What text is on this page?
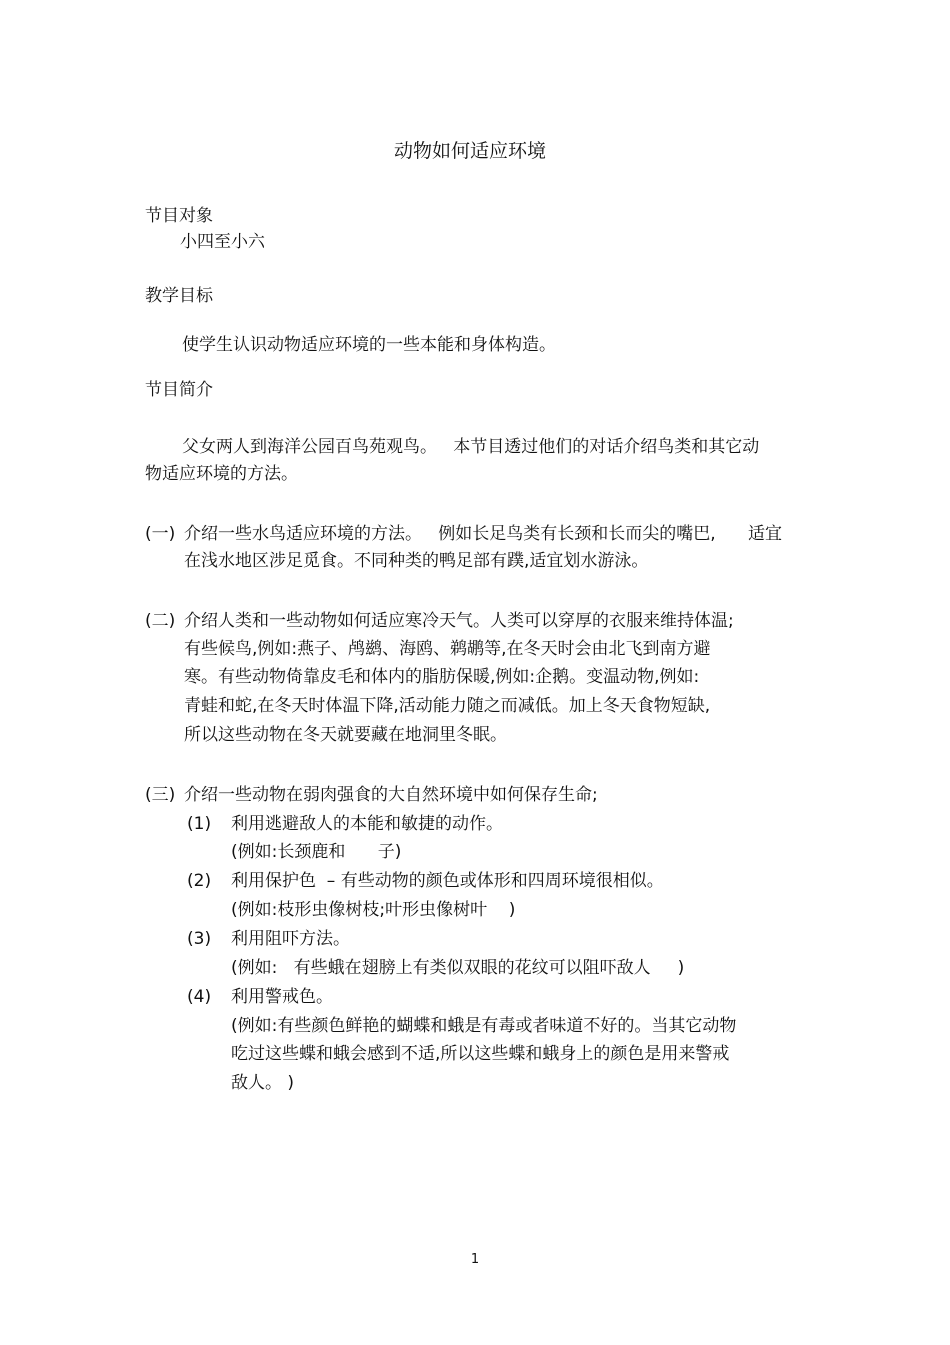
动物如何适应环境

节目对象

小四至小六

教学目标

使学生认识动物适应环境的一些本能和身体构造。

节目简介

父女两人到海洋公园百鸟苑观鸟。   本节目透过他们的对话介绍鸟类和其它动

物适应环境的方法。

(一) 介绍一些水鸟适应环境的方法。   例如长足鸟类有长颈和长而尖的嘴巴,      适宜

在浅水地区涉足觅食。不同种类的鸭足部有蹼,适宜划水游泳。

(二) 介绍人类和一些动物如何适应寒冷天气。人类可以穿厚的衣服来维持体温;

有些候鸟,例如:燕子、鸬鹚、海鸥、鹈鹕等,在冬天时会由北飞到南方避

寒。有些动物倚靠皮毛和体内的脂肪保暖,例如:企鹅。变温动物,例如:

青蛙和蛇,在冬天时体温下降,活动能力随之而减低。加上冬天食物短缺,

所以这些动物在冬天就要藏在地洞里冬眠。

(三) 介绍一些动物在弱肉强食的大自然环境中如何保存生命;

(1) 利用逃避敌人的本能和敏捷的动作。

(例如:长颈鹿和      子)

(2) 利用保护色  – 有些动物的颜色或体形和四周环境很相似。

(例如:枝形虫像树枝;叶形虫像树叶    )

(3) 利用阻吓方法。

(例如:   有些蛾在翅膀上有类似双眼的花纹可以阻吓敌人     )

(4) 利用警戒色。

(例如:有些颜色鲜艳的蝴蝶和蛾是有毒或者味道不好的。当其它动物

吃过这些蝶和蛾会感到不适,所以这些蝶和蛾身上的颜色是用来警戒

敌人。 )

1
